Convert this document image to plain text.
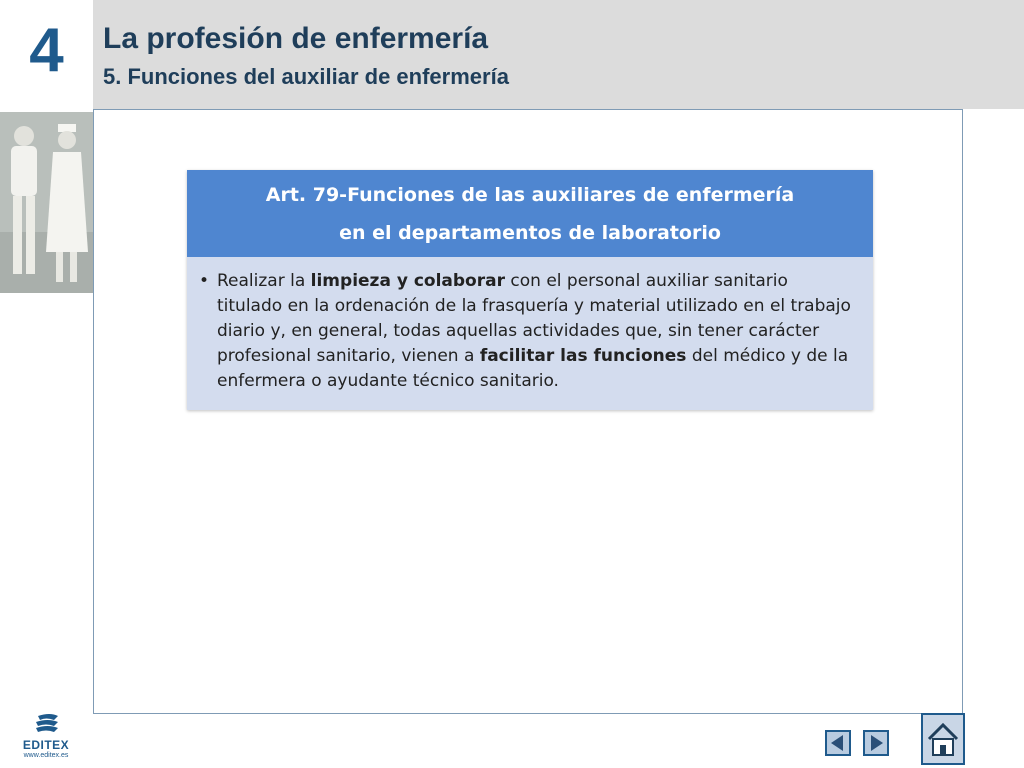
4	La profesión de enfermería
5. Funciones del auxiliar de enfermería
Art. 79-Funciones de las auxiliares de enfermería
en el departamentos de laboratorio
• Realizar la limpieza y colaborar con el personal auxiliar sanitario titulado en la ordenación de la frasquería y material utilizado en el trabajo diario y, en general, todas aquellas actividades que, sin tener carácter profesional sanitario, vienen a facilitar las funciones del médico y de la enfermera o ayudante técnico sanitario.
EDITEX
www.editex.es
